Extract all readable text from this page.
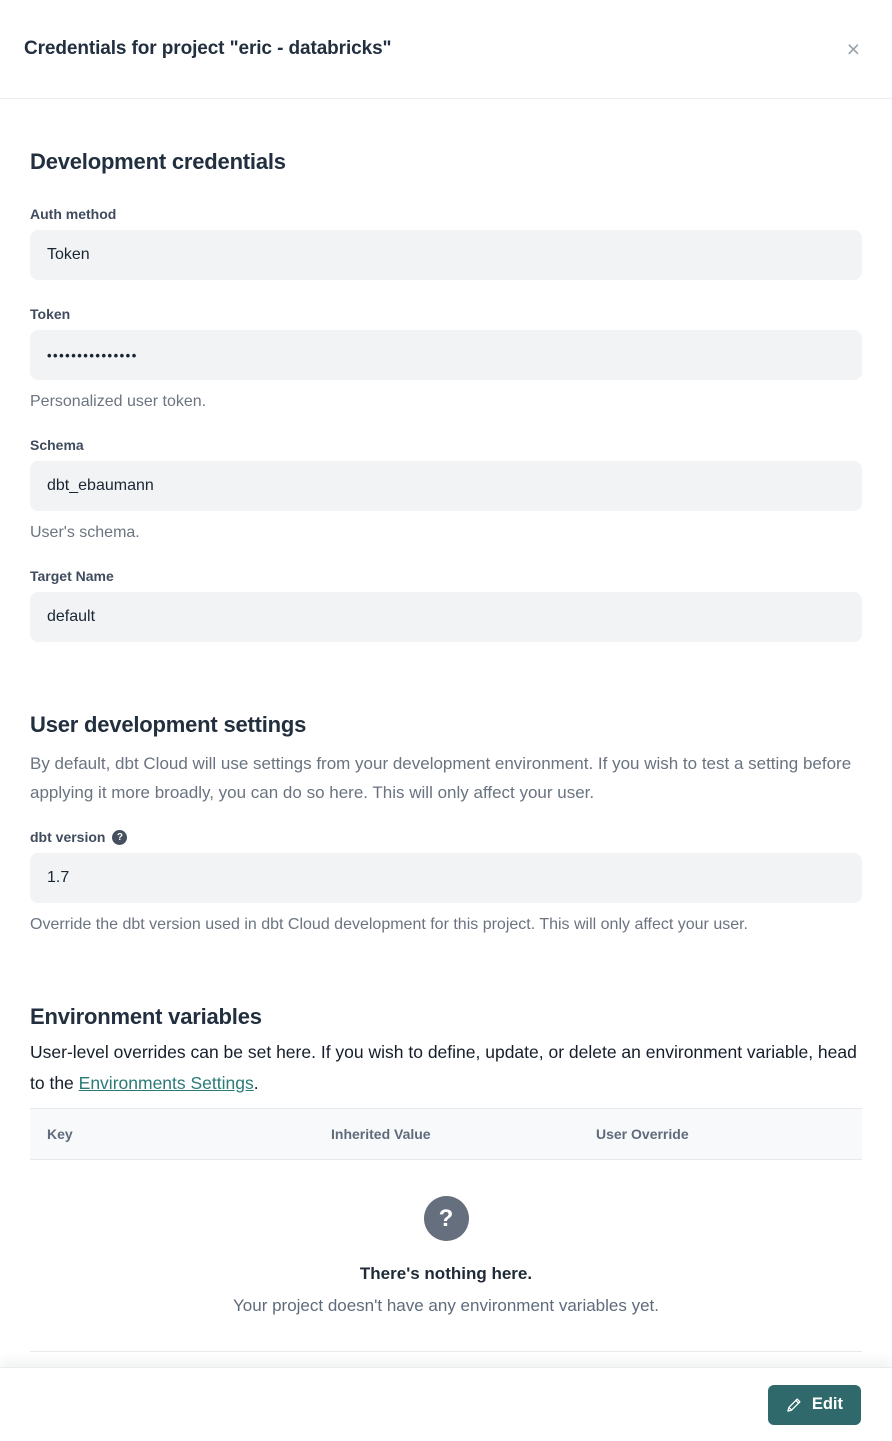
Credentials for project "eric - databricks"	×
Development credentials
Auth method
Token
Token
•••••••••••••••

Personalized user token.

Schema
dbt_ebaumann

User's schema.

Target Name
default
User development settings

By default, dbt Cloud will use settings from your development environment. If you wish to test a setting before applying it more broadly, you can do so here. This will only affect your user.

dbt version	?
1.7

Override the dbt version used in dbt Cloud development for this project. This will only affect your user.

Environment variables

User-level overrides can be set here. If you wish to define, update, or delete an environment variable, head to the Environments Settings.

Key	Inherited Value	User Override
?
There's nothing here.
Your project doesn't have any environment variables yet.
Edit
